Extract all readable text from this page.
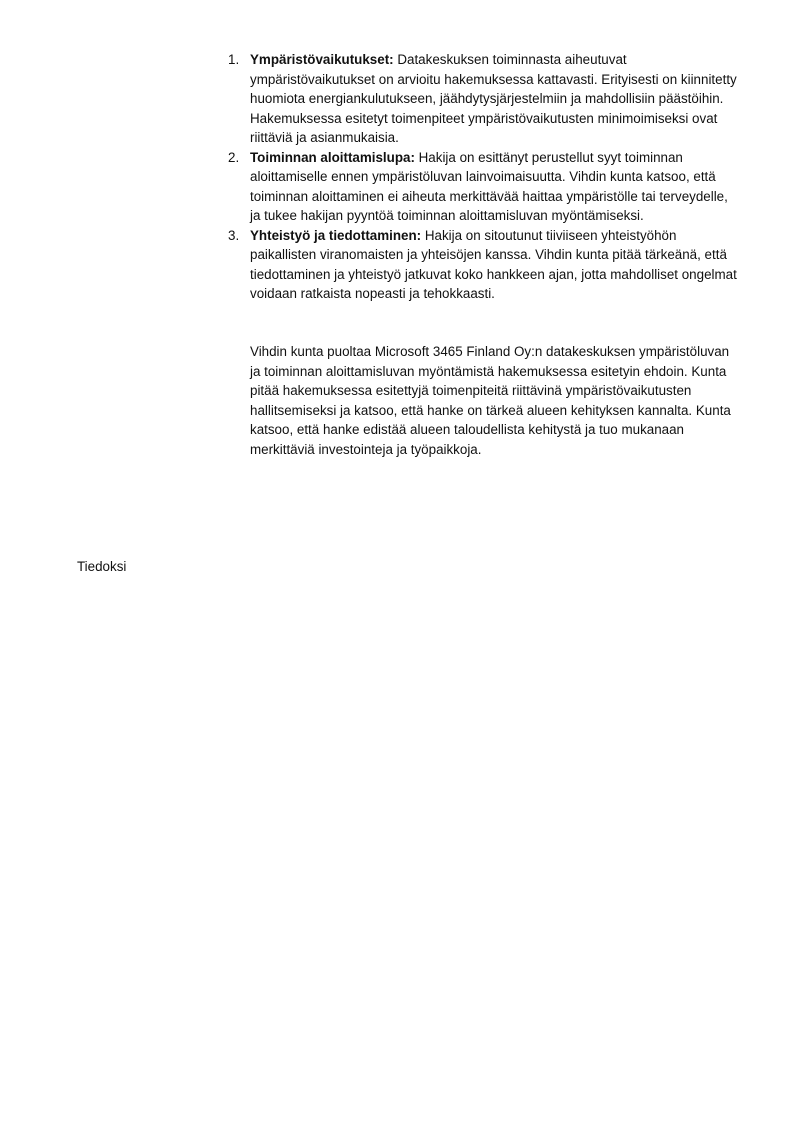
1. Ympäristövaikutukset: Datakeskuksen toiminnasta aiheutuvat ympäristövaikutukset on arvioitu hakemuksessa kattavasti. Erityisesti on kiinnitetty huomiota energiankulutukseen, jäähdytysjärjestelmiin ja mahdollisiin päästöihin. Hakemuksessa esitetyt toimenpiteet ympäristövaikutusten minimoimiseksi ovat riittäviä ja asianmukaisia.
2. Toiminnan aloittamislupa: Hakija on esittänyt perustellut syyt toiminnan aloittamiselle ennen ympäristöluvan lainvoimaisuutta. Vihdin kunta katsoo, että toiminnan aloittaminen ei aiheuta merkittävää haittaa ympäristölle tai terveydelle, ja tukee hakijan pyyntöä toiminnan aloittamisluvan myöntämiseksi.
3. Yhteistyö ja tiedottaminen: Hakija on sitoutunut tiiviiseen yhteistyöhön paikallisten viranomaisten ja yhteisöjen kanssa. Vihdin kunta pitää tärkeänä, että tiedottaminen ja yhteistyö jatkuvat koko hankkeen ajan, jotta mahdolliset ongelmat voidaan ratkaista nopeasti ja tehokkaasti.

Vihdin kunta puoltaa Microsoft 3465 Finland Oy:n datakeskuksen ympäristöluvan ja toiminnan aloittamisluvan myöntämistä hakemuksessa esitetyin ehdoin. Kunta pitää hakemuksessa esitettyjä toimenpiteitä riittävinä ympäristövaikutusten hallitsemiseksi ja katsoo, että hanke on tärkeä alueen kehityksen kannalta. Kunta katsoo, että hanke edistää alueen taloudellista kehitystä ja tuo mukanaan merkittäviä investointeja ja työpaikkoja.

Tiedoksi
